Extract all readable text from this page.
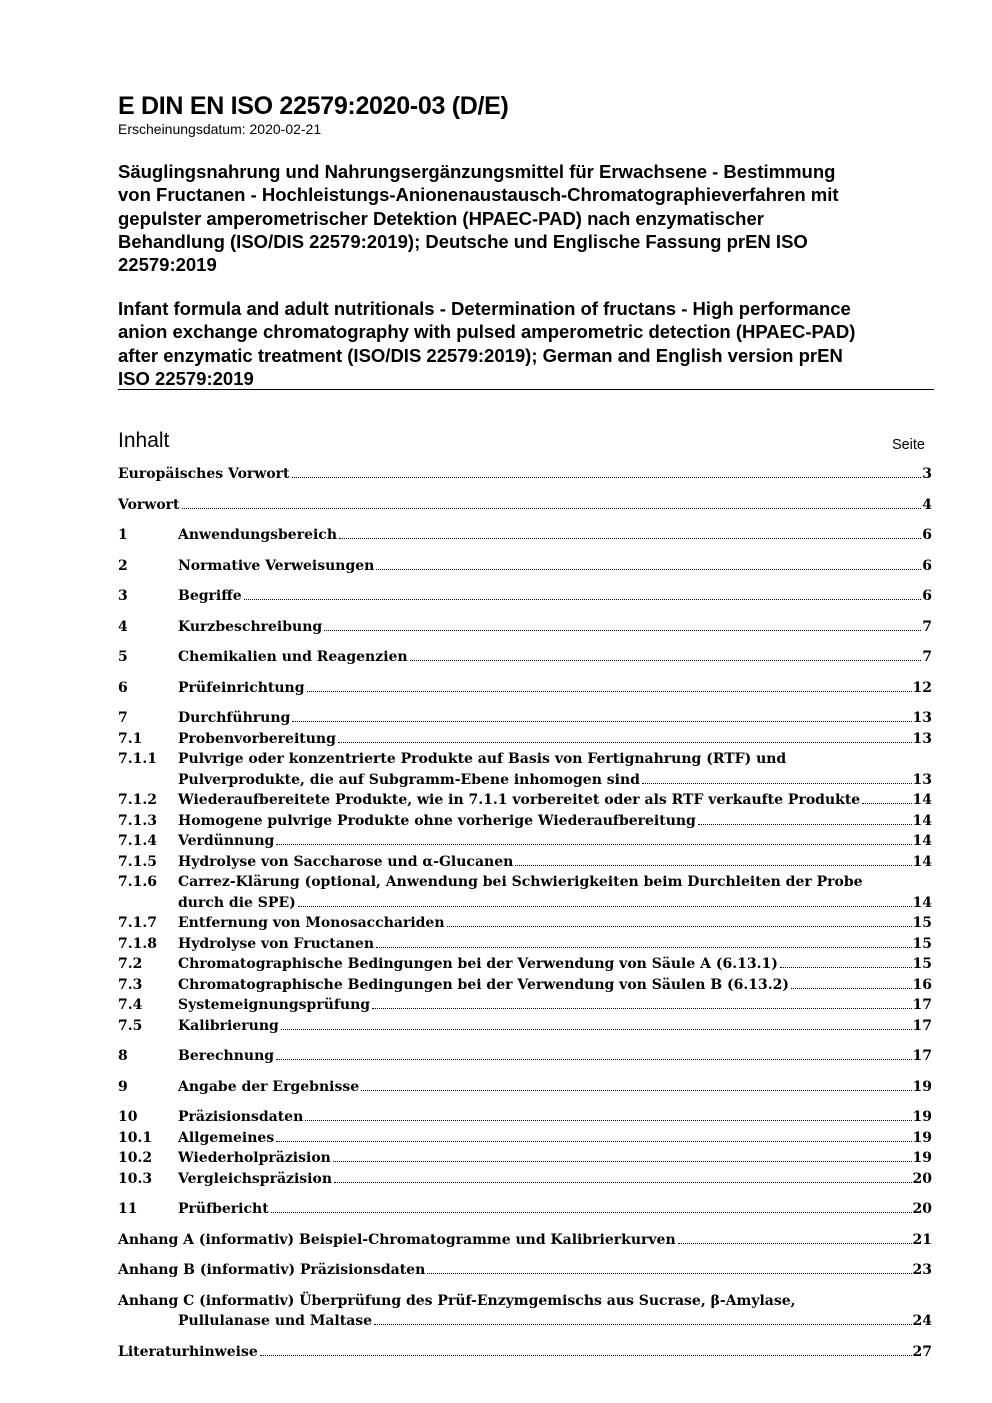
E DIN EN ISO 22579:2020-03 (D/E)
Erscheinungsdatum: 2020-02-21
Säuglingsnahrung und Nahrungsergänzungsmittel für Erwachsene - Bestimmung
von Fructanen - Hochleistungs-Anionenaustausch-Chromatographieverfahren mit
gepulster amperometrischer Detektion (HPAEC-PAD) nach enzymatischer
Behandlung (ISO/DIS 22579:2019); Deutsche und Englische Fassung prEN ISO
22579:2019
Infant formula and adult nutritionals - Determination of fructans - High performance
anion exchange chromatography with pulsed amperometric detection (HPAEC-PAD)
after enzymatic treatment (ISO/DIS 22579:2019); German and English version prEN
ISO 22579:2019
Inhalt	Seite
Europäisches Vorwort	3
Vorwort	4
1	Anwendungsbereich	6
2	Normative Verweisungen	6
3	Begriffe	6
4	Kurzbeschreibung	7
5	Chemikalien und Reagenzien	7
6	Prüfeinrichtung	12
7	Durchführung	13
7.1	Probenvorbereitung	13
7.1.1 Pulvrige oder konzentrierte Produkte auf Basis von Fertignahrung (RTF) und
Pulverprodukte, die auf Subgramm-Ebene inhomogen sind	13
7.1.2 Wiederaufbereitete Produkte, wie in 7.1.1 vorbereitet oder als RTF verkaufte Produkte	14
7.1.3 Homogene pulvrige Produkte ohne vorherige Wiederaufbereitung	14
7.1.4 Verdünnung	14
7.1.5 Hydrolyse von Saccharose und α-Glucanen	14
7.1.6 Carrez-Klärung (optional, Anwendung bei Schwierigkeiten beim Durchleiten der Probe
durch die SPE)	14
7.1.7 Entfernung von Monosacchariden	15
7.1.8 Hydrolyse von Fructanen	15
7.2	Chromatographische Bedingungen bei der Verwendung von Säule A (6.13.1)	15
7.3	Chromatographische Bedingungen bei der Verwendung von Säulen B (6.13.2)	16
7.4	Systemeignungsprüfung	17
7.5	Kalibrierung	17
8	Berechnung	17
9	Angabe der Ergebnisse	19
10	Präzisionsdaten	19
10.1 Allgemeines	19
10.2 Wiederholpräzision	19
10.3 Vergleichspräzision	20
11	Prüfbericht	20
Anhang A (informativ) Beispiel-Chromatogramme und Kalibrierkurven	21
Anhang B (informativ) Präzisionsdaten	23
Anhang C (informativ) Überprüfung des Prüf-Enzymgemischs aus Sucrase, β-Amylase,
Pullulanase und Maltase	24
Literaturhinweise	27
